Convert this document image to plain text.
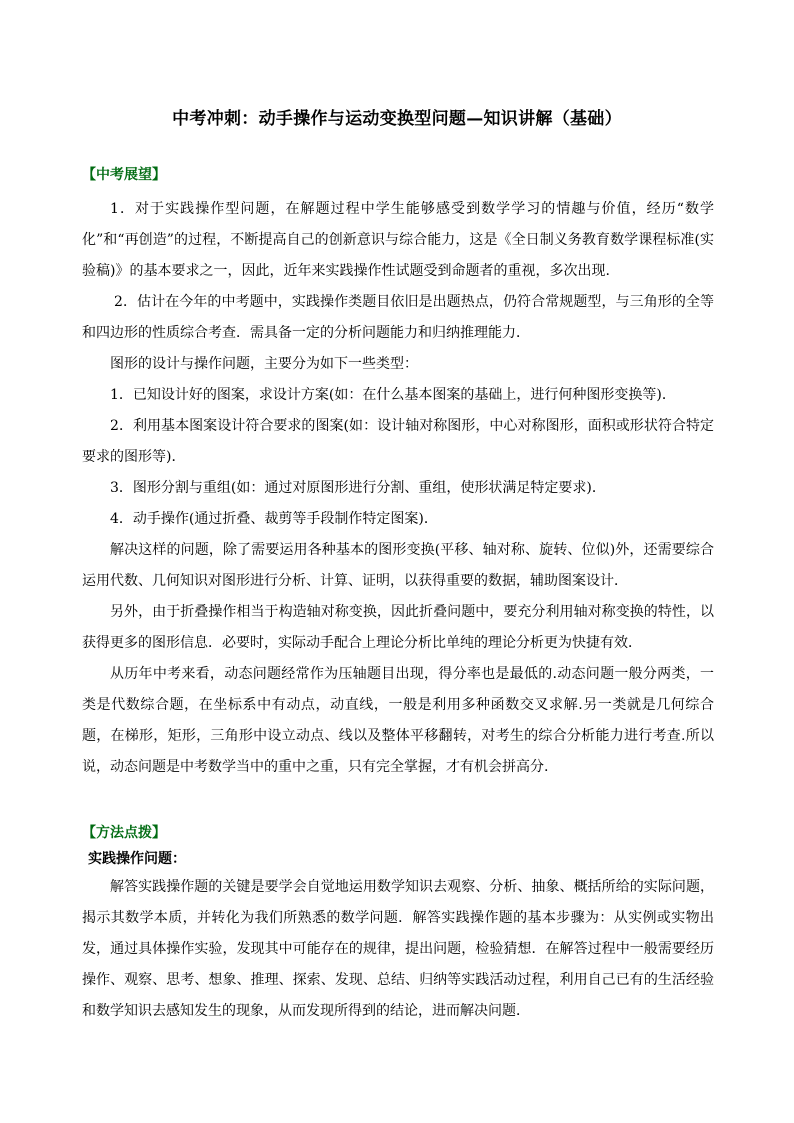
中考冲刺：动手操作与运动变换型问题—知识讲解（基础）
【中考展望】

1．对于实践操作型问题，在解题过程中学生能够感受到数学学习的情趣与价值，经历“数学化”和“再创造”的过程，不断提高自己的创新意识与综合能力，这是《全日制义务教育数学课程标准(实验稿)》的基本要求之一，因此，近年来实践操作性试题受到命题者的重视，多次出现.

2．估计在今年的中考题中，实践操作类题目依旧是出题热点，仍符合常规题型，与三角形的全等和四边形的性质综合考查．需具备一定的分析问题能力和归纳推理能力．

图形的设计与操作问题，主要分为如下一些类型：

1．已知设计好的图案，求设计方案(如：在什么基本图案的基础上，进行何种图形变换等)．

2．利用基本图案设计符合要求的图案(如：设计轴对称图形，中心对称图形，面积或形状符合特定要求的图形等)．

3．图形分割与重组(如：通过对原图形进行分割、重组，使形状满足特定要求)．

4．动手操作(通过折叠、裁剪等手段制作特定图案)．

解决这样的问题，除了需要运用各种基本的图形变换(平移、轴对称、旋转、位似)外，还需要综合运用代数、几何知识对图形进行分析、计算、证明，以获得重要的数据，辅助图案设计．

另外，由于折叠操作相当于构造轴对称变换，因此折叠问题中，要充分利用轴对称变换的特性，以获得更多的图形信息．必要时，实际动手配合上理论分析比单纯的理论分析更为快捷有效．

从历年中考来看，动态问题经常作为压轴题目出现，得分率也是最低的.动态问题一般分两类，一类是代数综合题，在坐标系中有动点，动直线，一般是利用多种函数交叉求解.另一类就是几何综合题，在梯形，矩形，三角形中设立动点、线以及整体平移翻转，对考生的综合分析能力进行考查.所以说，动态问题是中考数学当中的重中之重，只有完全掌握，才有机会拼高分.

【方法点拨】
实践操作问题：

解答实践操作题的关键是要学会自觉地运用数学知识去观察、分析、抽象、概括所给的实际问题，揭示其数学本质，并转化为我们所熟悉的数学问题．解答实践操作题的基本步骤为：从实例或实物出发，通过具体操作实验，发现其中可能存在的规律，提出问题，检验猜想．在解答过程中一般需要经历操作、观察、思考、想象、推理、探索、发现、总结、归纳等实践活动过程，利用自己已有的生活经验和数学知识去感知发生的现象，从而发现所得到的结论，进而解决问题．
